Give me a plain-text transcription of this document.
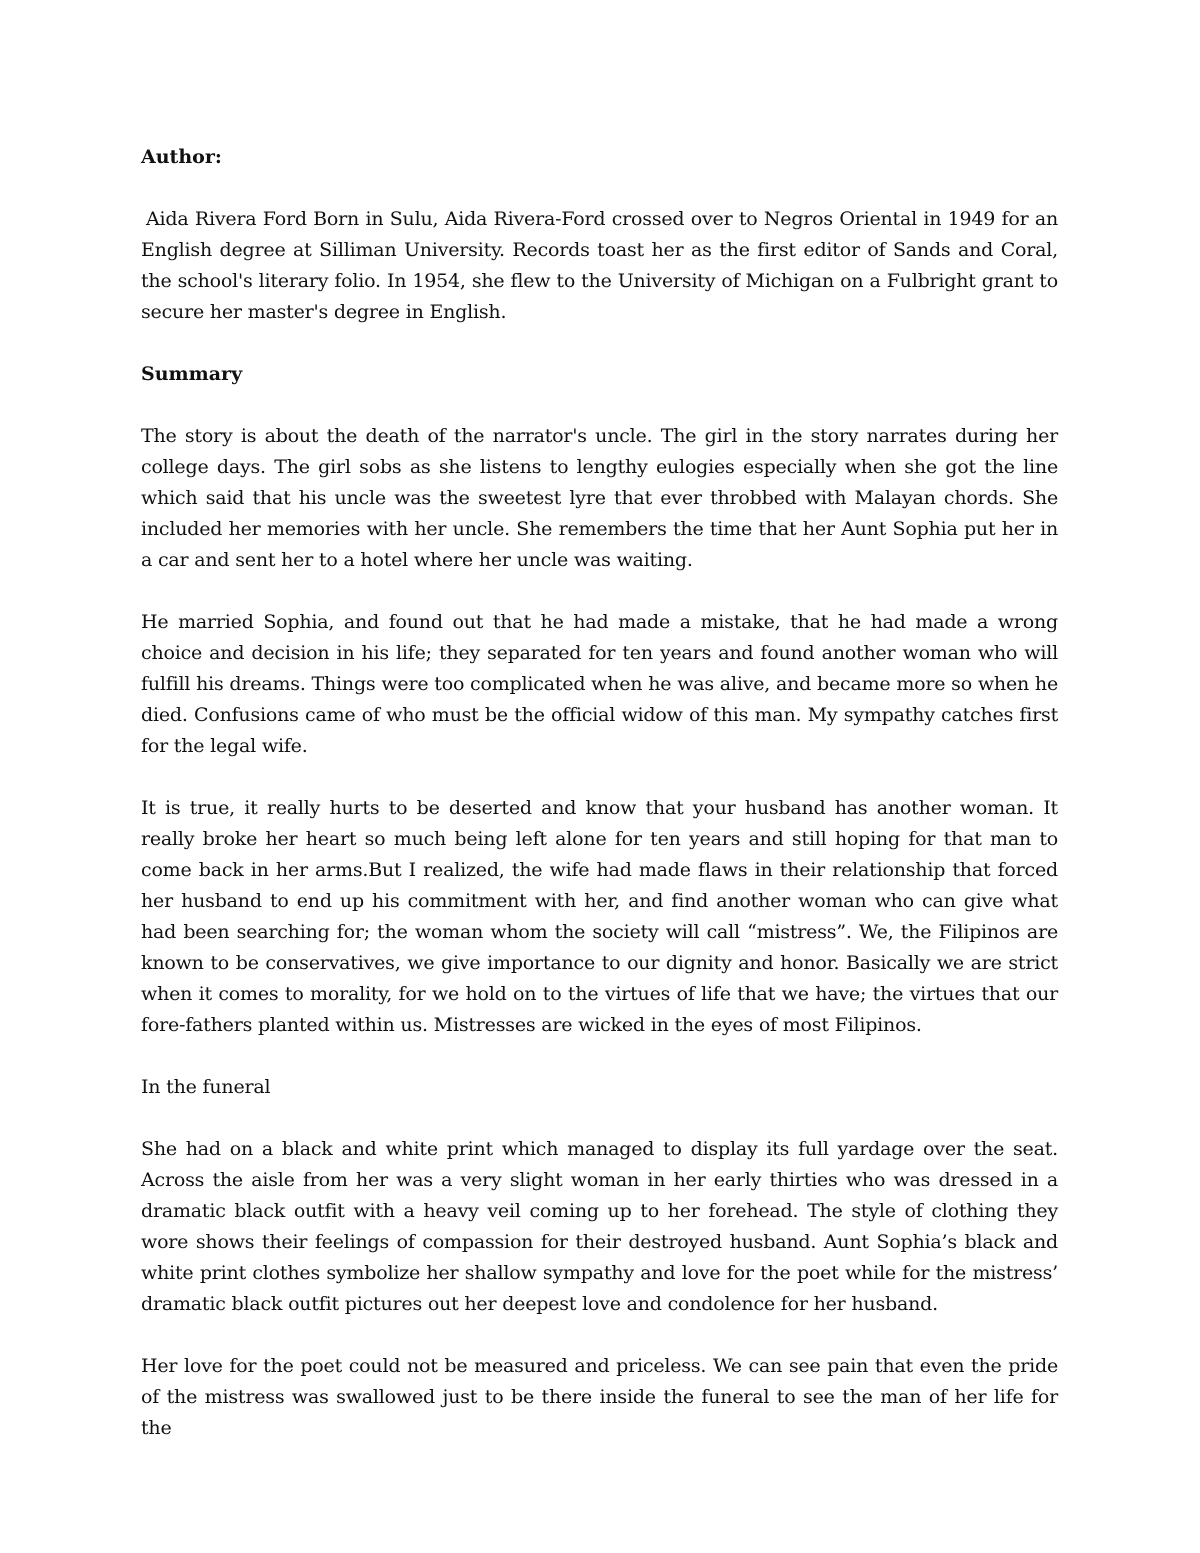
Author:

Aida Rivera Ford Born in Sulu, Aida Rivera-Ford crossed over to Negros Oriental in 1949 for an English degree at Silliman University. Records toast her as the first editor of Sands and Coral, the school's literary folio. In 1954, she flew to the University of Michigan on a Fulbright grant to secure her master's degree in English.

Summary

The story is about the death of the narrator's uncle. The girl in the story narrates during her college days. The girl sobs as she listens to lengthy eulogies especially when she got the line which said that his uncle was the sweetest lyre that ever throbbed with Malayan chords. She included her memories with her uncle. She remembers the time that her Aunt Sophia put her in a car and sent her to a hotel where her uncle was waiting.

He married Sophia, and found out that he had made a mistake, that he had made a wrong choice and decision in his life; they separated for ten years and found another woman who will fulfill his dreams. Things were too complicated when he was alive, and became more so when he died. Confusions came of who must be the official widow of this man. My sympathy catches first for the legal wife.

It is true, it really hurts to be deserted and know that your husband has another woman. It really broke her heart so much being left alone for ten years and still hoping for that man to come back in her arms.But I realized, the wife had made flaws in their relationship that forced her husband to end up his commitment with her, and find another woman who can give what had been searching for; the woman whom the society will call “mistress”. We, the Filipinos are known to be conservatives, we give importance to our dignity and honor. Basically we are strict when it comes to morality, for we hold on to the virtues of life that we have; the virtues that our fore-fathers planted within us. Mistresses are wicked in the eyes of most Filipinos.

In the funeral

She had on a black and white print which managed to display its full yardage over the seat. Across the aisle from her was a very slight woman in her early thirties who was dressed in a dramatic black outfit with a heavy veil coming up to her forehead. The style of clothing they wore shows their feelings of compassion for their destroyed husband. Aunt Sophia’s black and white print clothes symbolize her shallow sympathy and love for the poet while for the mistress’ dramatic black outfit pictures out her deepest love and condolence for her husband.

Her love for the poet could not be measured and priceless. We can see pain that even the pride of the mistress was swallowed just to be there inside the funeral to see the man of her life for the
